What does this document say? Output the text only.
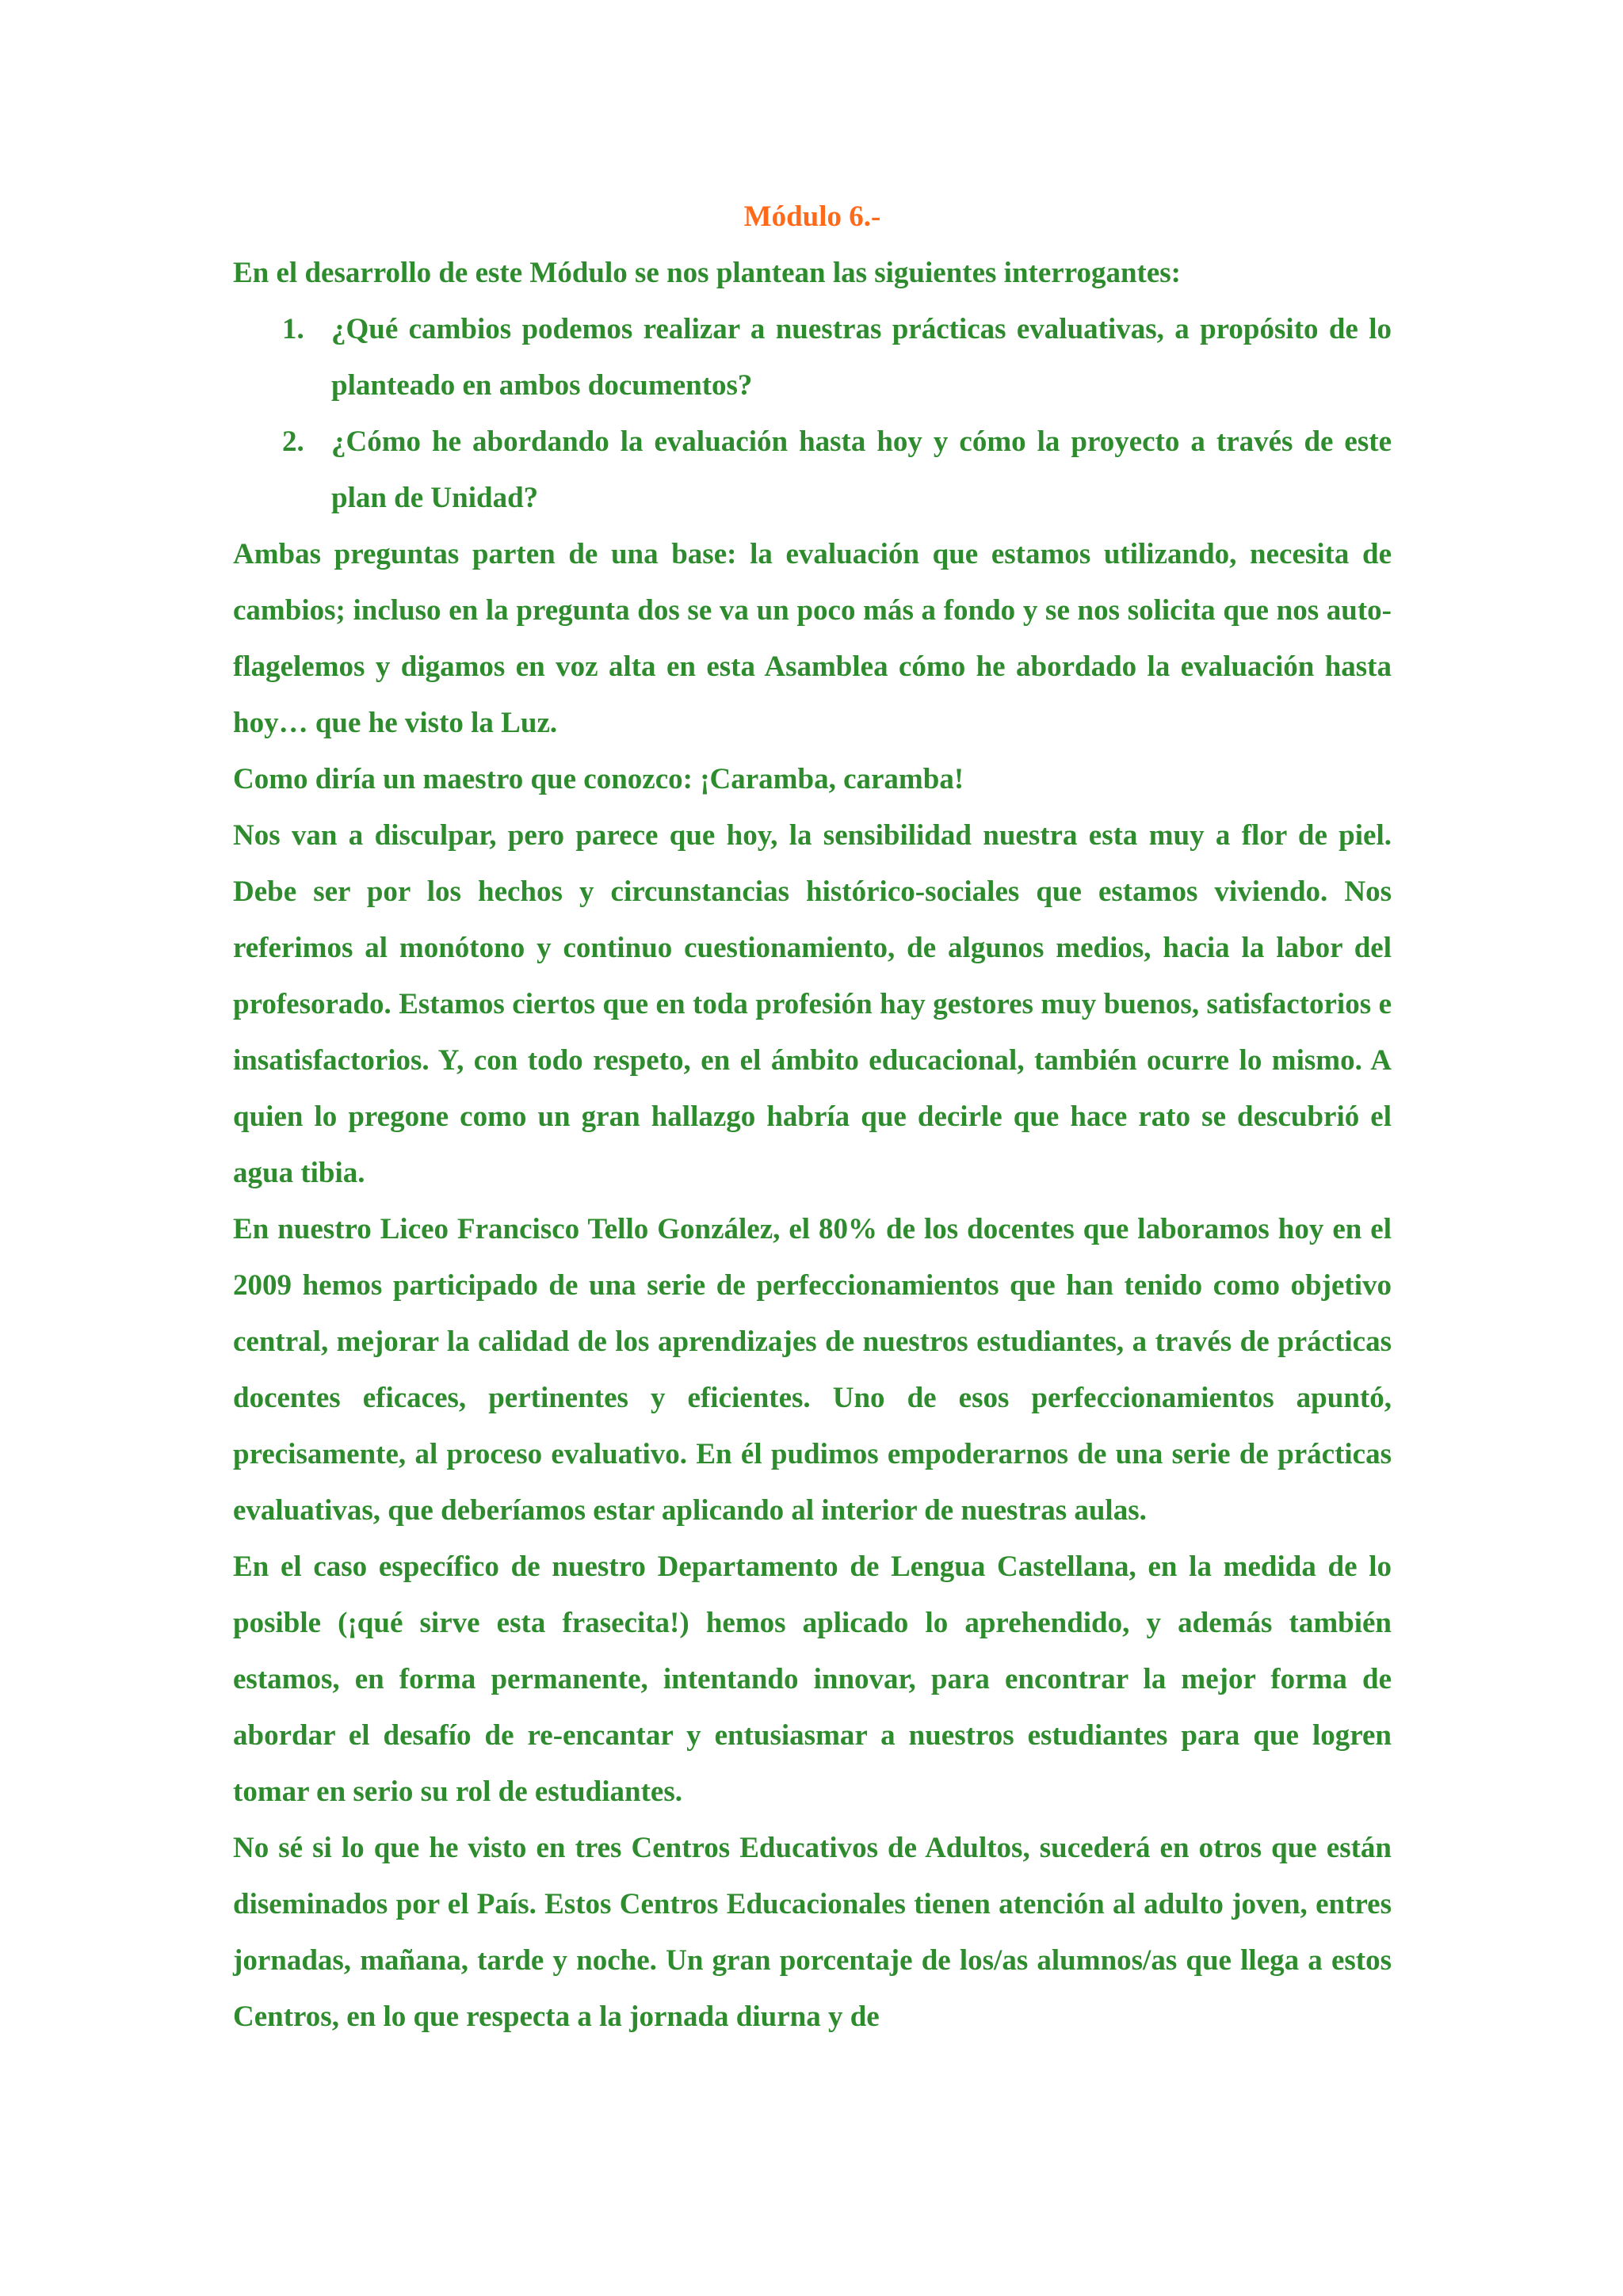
Módulo 6.-

En el desarrollo de este Módulo se nos plantean las siguientes interrogantes:

1. ¿Qué cambios podemos realizar a nuestras prácticas evaluativas, a propósito de lo planteado en ambos documentos?
2. ¿Cómo he abordando la evaluación hasta hoy y cómo la proyecto a través de este plan de Unidad?

Ambas preguntas parten de una base: la evaluación que estamos utilizando, necesita de cambios; incluso en la pregunta dos se va un poco más a fondo y se nos solicita que nos auto-flagelemos y digamos en voz alta en esta Asamblea cómo he abordado la evaluación hasta hoy… que he visto la Luz.

Como diría un maestro que conozco: ¡Caramba, caramba!

Nos van a disculpar, pero parece que hoy, la sensibilidad nuestra esta muy a flor de piel. Debe ser por los hechos y circunstancias histórico-sociales que estamos viviendo. Nos referimos al monótono y continuo cuestionamiento, de algunos medios, hacia la labor del profesorado. Estamos ciertos que en toda profesión hay gestores muy buenos, satisfactorios e insatisfactorios. Y, con todo respeto, en el ámbito educacional, también ocurre lo mismo. A quien lo pregone como un gran hallazgo habría que decirle que hace rato se descubrió el agua tibia.

En nuestro Liceo Francisco Tello González, el 80% de los docentes que laboramos hoy en el 2009 hemos participado de una serie de perfeccionamientos que han tenido como objetivo central, mejorar la calidad de los aprendizajes de nuestros estudiantes, a través de prácticas docentes eficaces, pertinentes y eficientes. Uno de esos perfeccionamientos apuntó, precisamente, al proceso evaluativo. En él pudimos empoderarnos de una serie de prácticas evaluativas, que deberíamos estar aplicando al interior de nuestras aulas.

En el caso específico de nuestro Departamento de Lengua Castellana, en la medida de lo posible (¡qué sirve esta frasecita!) hemos aplicado lo aprehendido, y además también estamos, en forma permanente, intentando innovar, para encontrar la mejor forma de abordar el desafío de re-encantar y entusiasmar a nuestros estudiantes para que logren tomar en serio su rol de estudiantes.

No sé si lo que he visto en tres Centros Educativos de Adultos, sucederá en otros que están diseminados por el País. Estos Centros Educacionales tienen atención al adulto joven, entres jornadas, mañana, tarde y noche. Un gran porcentaje de los/as alumnos/as que llega a estos Centros, en lo que respecta a la jornada diurna y de
